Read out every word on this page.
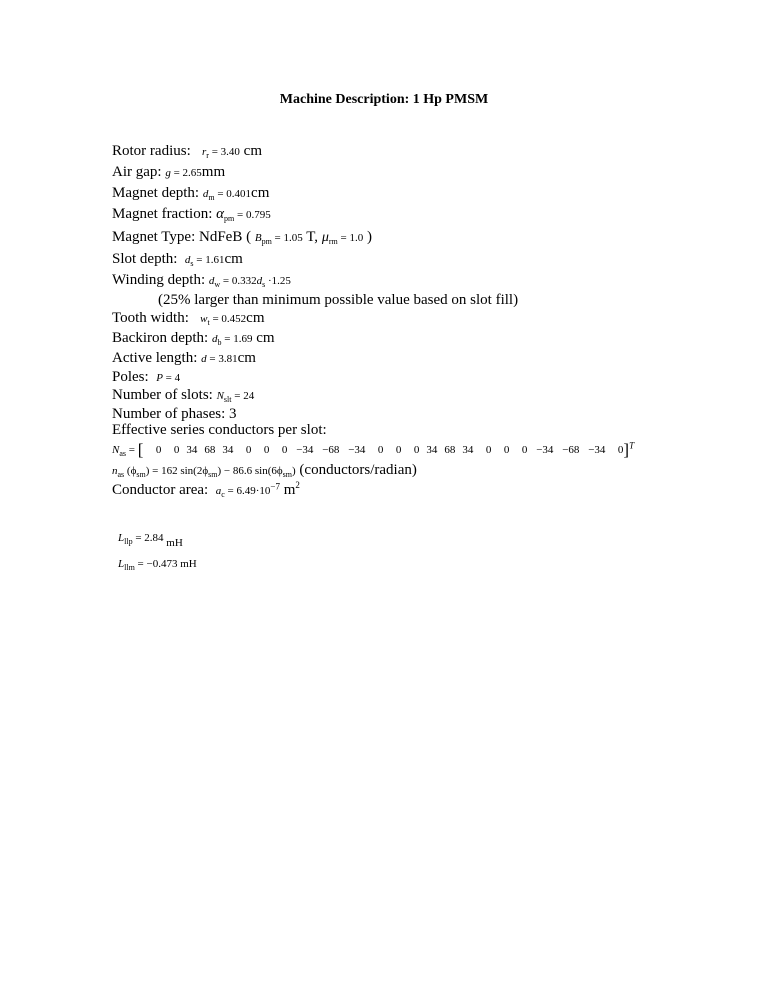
Machine Description: 1 Hp PMSM
Rotor radius: $r_r = 3.40$ cm
Air gap: g = 2.65mm
Magnet depth: $d_m = 0.401cm$
Magnet fraction: $\alpha_{pm} = 0.795$
Magnet Type: NdFeB ( $B_{pm} = 1.05$ T, $\mu_{rm} = 1.0$ )
Slot depth: $d_s = 1.61cm$
Winding depth: $d_w = 0.332d_s \cdot 1.25$
(25% larger than minimum possible value based on slot fill)
Tooth width: $w_t = 0.452cm$
Backiron depth: $d_b = 1.69$ cm
Active length: d = 3.81cm
Poles: P = 4
Number of slots: $N_{slt} = 24$
Number of phases: 3
Effective series conductors per slot:
$N_{as}$ = [ 0 0 34 68 34 0 0 0 −34 −68 −34 0 0 0 34 68 34 0 0 0 −34 −68 −34 0]$^T$
$n_{as}$ $(\phi_{sm}) = 162$ $\sin(2\phi_{sm}) - 86.6$ $\sin(6\phi_{sm})$ (conductors/radian)
Conductor area: $a_c = 6.49\cdot 10^{-7}$ $m^2$
$L_{llp} = 2.84$ mH
$L_{llm} = -0.473$ mH
